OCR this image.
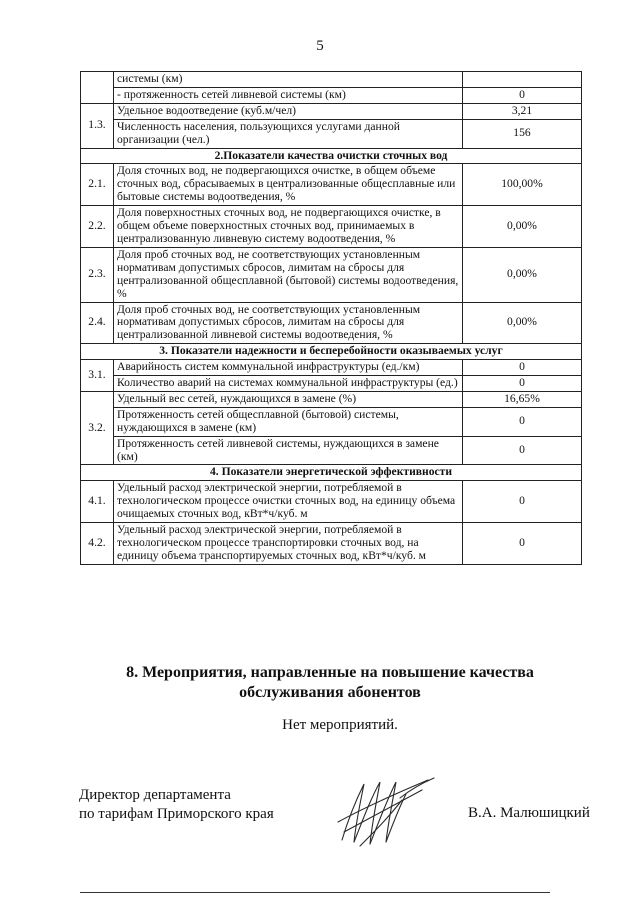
5
	системы (км)	
	- протяженность сетей ливневой системы (км)	0
1.3.	Удельное водоотведение (куб.м/чел)	3,21
	Численность населения, пользующихся услугами данной организации (чел.)	156
2.Показатели качества очистки сточных вод		
2.1.	Доля сточных вод, не подвергающихся очистке, в общем объеме сточных вод, сбрасываемых в централизованные общесплавные или бытовые системы водоотведения, %	100,00%
2.2.	Доля поверхностных сточных вод, не подвергающихся очистке, в общем объеме поверхностных сточных вод, принимаемых в централизованную ливневую систему водоотведения, %	0,00%
2.3.	Доля проб сточных вод, не соответствующих установленным нормативам допустимых сбросов, лимитам на сбросы для централизованной общесплавной (бытовой) системы водоотведения, %	0,00%
2.4.	Доля проб сточных вод, не соответствующих установленным нормативам допустимых сбросов, лимитам на сбросы для централизованной ливневой системы водоотведения, %	0,00%
3. Показатели надежности и бесперебойности оказываемых услуг		
3.1.	Аварийность систем коммунальной инфраструктуры (ед./км)	0
	Количество аварий на системах коммунальной инфраструктуры (ед.)	0
3.2.	Удельный вес сетей, нуждающихся в замене (%)	16,65%
	Протяженность сетей общесплавной (бытовой) системы, нуждающихся в замене (км)	0
	Протяженность сетей ливневой системы, нуждающихся в замене (км)	0
4. Показатели энергетической эффективности		
4.1.	Удельный расход электрической энергии, потребляемой в технологическом процессе очистки сточных вод, на единицу объема очищаемых сточных вод, кВт*ч/куб. м	0
4.2.	Удельный расход электрической энергии, потребляемой в технологическом процессе транспортировки сточных вод, на единицу объема транспортируемых сточных вод, кВт*ч/куб. м	0
8. Мероприятия, направленные на повышение качества
обслуживания абонентов
Нет мероприятий.
Директор департамента
по тарифам Приморского края	В.А. Малюшицкий
